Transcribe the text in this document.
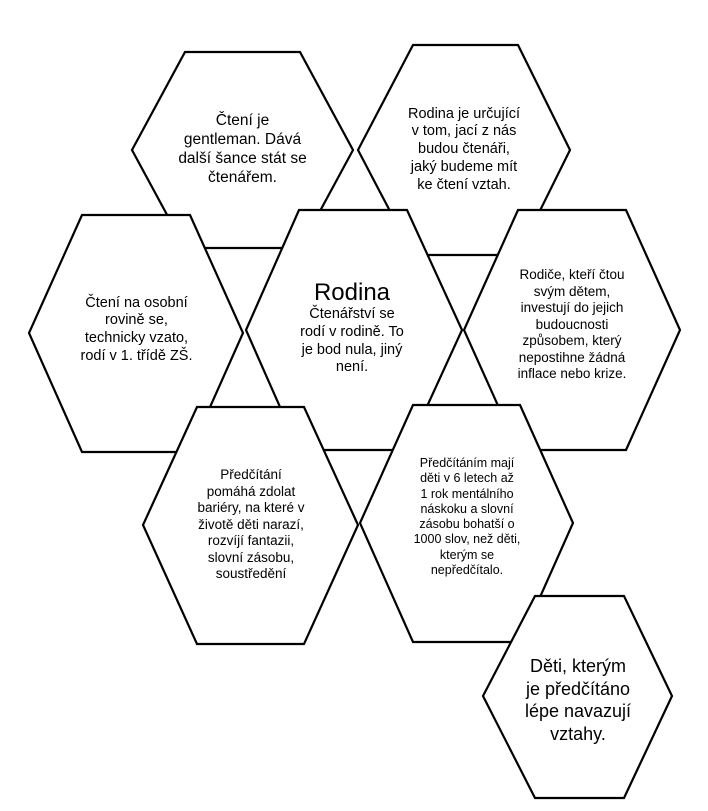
Čtení je
gentleman. Dává
další šance stát se
čtenářem.
Rodina je určující
v tom, jací z nás
budou čtenáři,
jaký budeme mít
ke čtení vztah.
Čtení na osobní
rovině se,
technicky vzato,
rodí v 1. třídě ZŠ.
Rodina
Čtenářství se
rodí v rodině. To
je bod nula, jiný
není.
Rodiče, kteří čtou
svým dětem,
investují do jejich
budoucnosti
způsobem, který
nepostihne žádná
inflace nebo krize.
Předčítání
pomáhá zdolat
bariéry, na které v
životě děti narazí,
rozvíjí fantazii,
slovní zásobu,
soustředění
Předčítáním mají
děti v 6 letech až
1 rok mentálního
náskoku a slovní
zásobu bohatší o
1000 slov, než děti,
kterým se
nepředčítalo.
Děti, kterým
je předčítáno
lépe navazují
vztahy.
